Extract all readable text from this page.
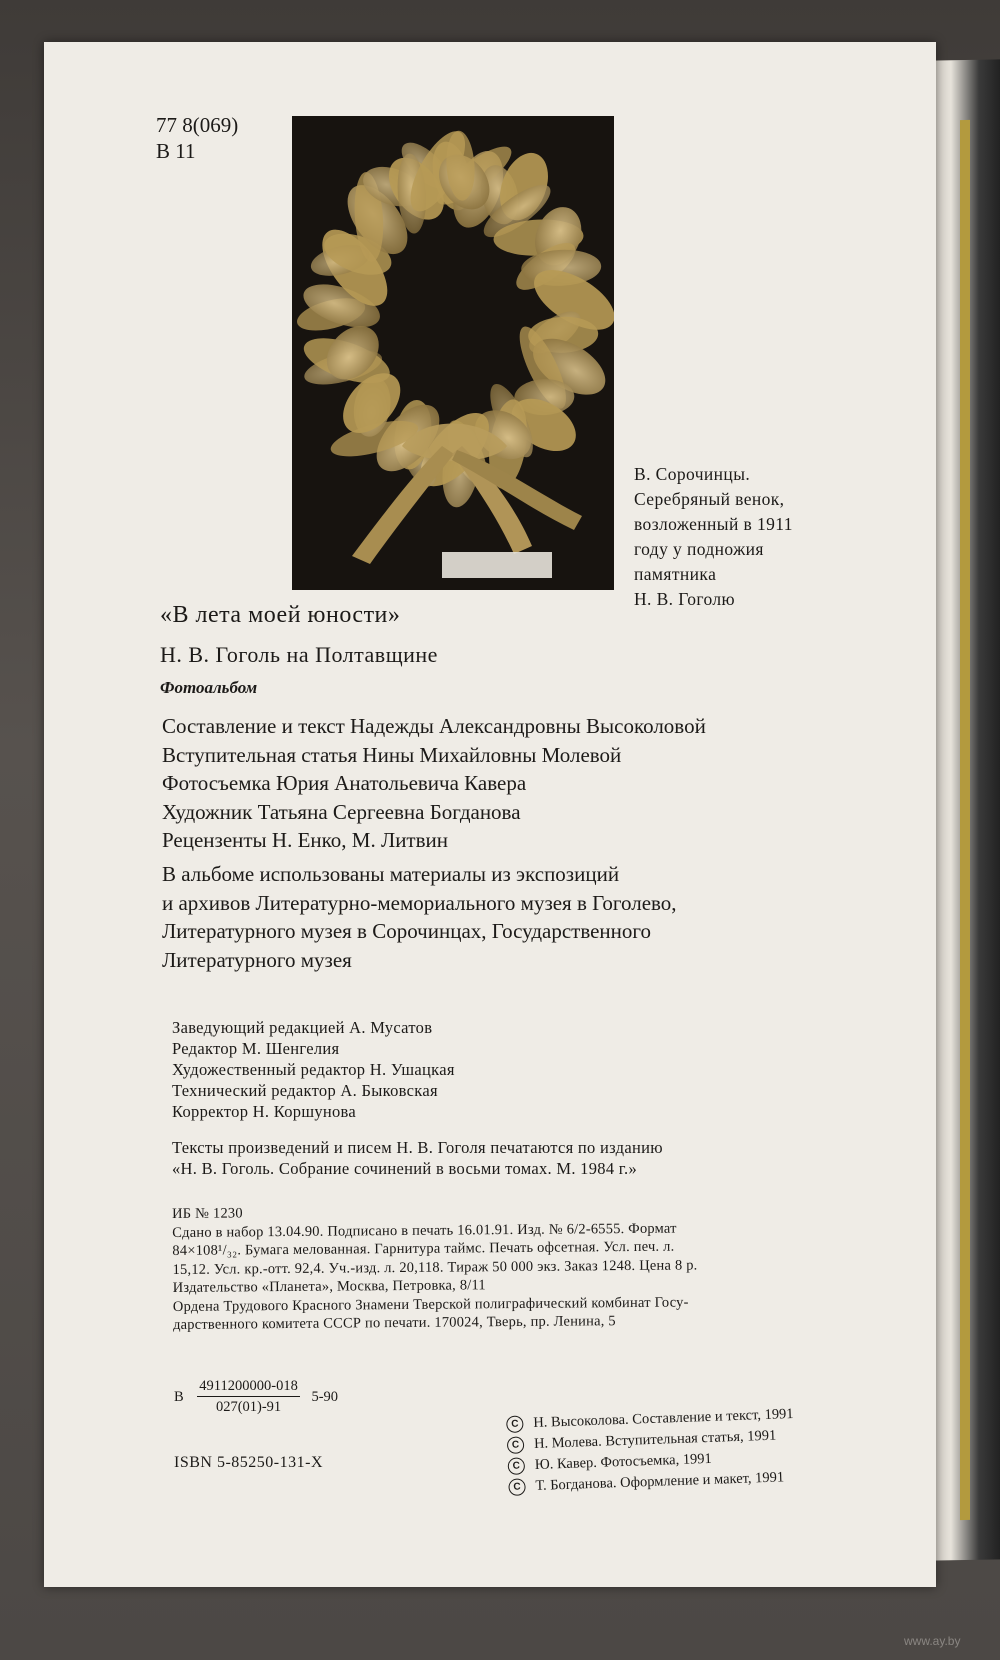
77 8(069)
В 11
В. Сорочинцы.
Серебряный венок,
возложенный в 1911
году у подножия
памятника
Н. В. Гоголю
«В лета моей юности»
Н. В. Гоголь на Полтавщине
Фотоальбом
Составление и текст Надежды Александровны Высоколовой
Вступительная статья Нины Михайловны Молевой
Фотосъемка Юрия Анатольевича Кавера
Художник Татьяна Сергеевна Богданова
Рецензенты Н. Енко, М. Литвин
В альбоме использованы материалы из экспозиций
и архивов Литературно-мемориального музея в Гоголево,
Литературного музея в Сорочинцах, Государственного
Литературного музея
Заведующий редакцией А. Мусатов
Редактор М. Шенгелия
Художественный редактор Н. Ушацкая
Технический редактор А. Быковская
Корректор Н. Коршунова
Тексты произведений и писем Н. В. Гоголя печатаются по изданию
«Н. В. Гоголь. Собрание сочинений в восьми томах. М. 1984 г.»
ИБ № 1230
Сдано в набор 13.04.90. Подписано в печать 16.01.91. Изд. № 6/2-6555. Формат
84×108¹/₃₂. Бумага мелованная. Гарнитура таймс. Печать офсетная. Усл. печ. л.
15,12. Усл. кр.-отт. 92,4. Уч.-изд. л. 20,118. Тираж 50 000 экз. Заказ 1248. Цена 8 р.
Издательство «Планета», Москва, Петровка, 8/11
Ордена Трудового Красного Знамени Тверской полиграфический комбинат Госу-
дарственного комитета СССР по печати. 170024, Тверь, пр. Ленина, 5
В $\frac{4911200000-018}{027(01)-91} 5-90$
ISBN 5-85250-131-X
C Н. Высоколова. Составление и текст, 1991
C Н. Молева. Вступительная статья, 1991
C Ю. Кавер. Фотосъемка, 1991
C Т. Богданова. Оформление и макет, 1991
www.ay.by
